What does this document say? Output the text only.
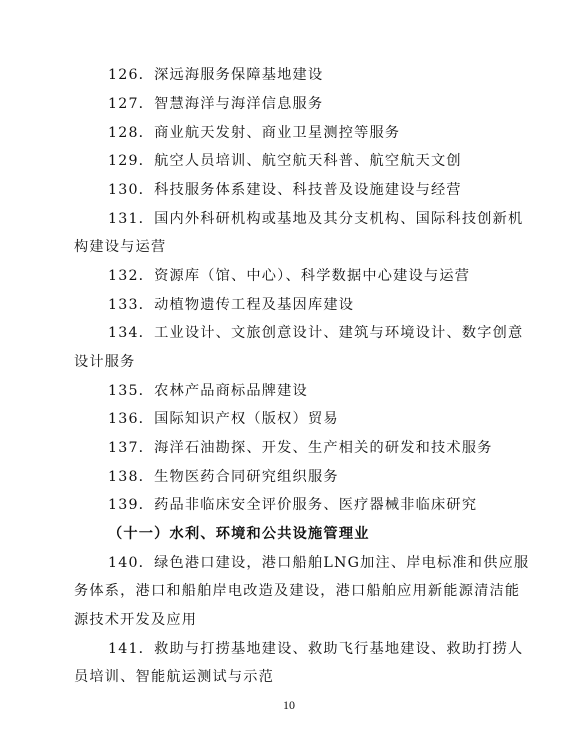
126．深远海服务保障基地建设
127．智慧海洋与海洋信息服务
128．商业航天发射、商业卫星测控等服务
129．航空人员培训、航空航天科普、航空航天文创
130．科技服务体系建设、科技普及设施建设与经营
131．国内外科研机构或基地及其分支机构、国际科技创新机
构建设与运营
132．资源库（馆、中心）、科学数据中心建设与运营
133．动植物遗传工程及基因库建设
134．工业设计、文旅创意设计、建筑与环境设计、数字创意
设计服务
135．农林产品商标品牌建设
136．国际知识产权（版权）贸易
137．海洋石油勘探、开发、生产相关的研发和技术服务
138．生物医药合同研究组织服务
139．药品非临床安全评价服务、医疗器械非临床研究
（十一）水利、环境和公共设施管理业
140．绿色港口建设，港口船舶LNG加注、岸电标准和供应服
务体系，港口和船舶岸电改造及建设，港口船舶应用新能源清洁能
源技术开发及应用
141．救助与打捞基地建设、救助飞行基地建设、救助打捞人
员培训、智能航运测试与示范
10
